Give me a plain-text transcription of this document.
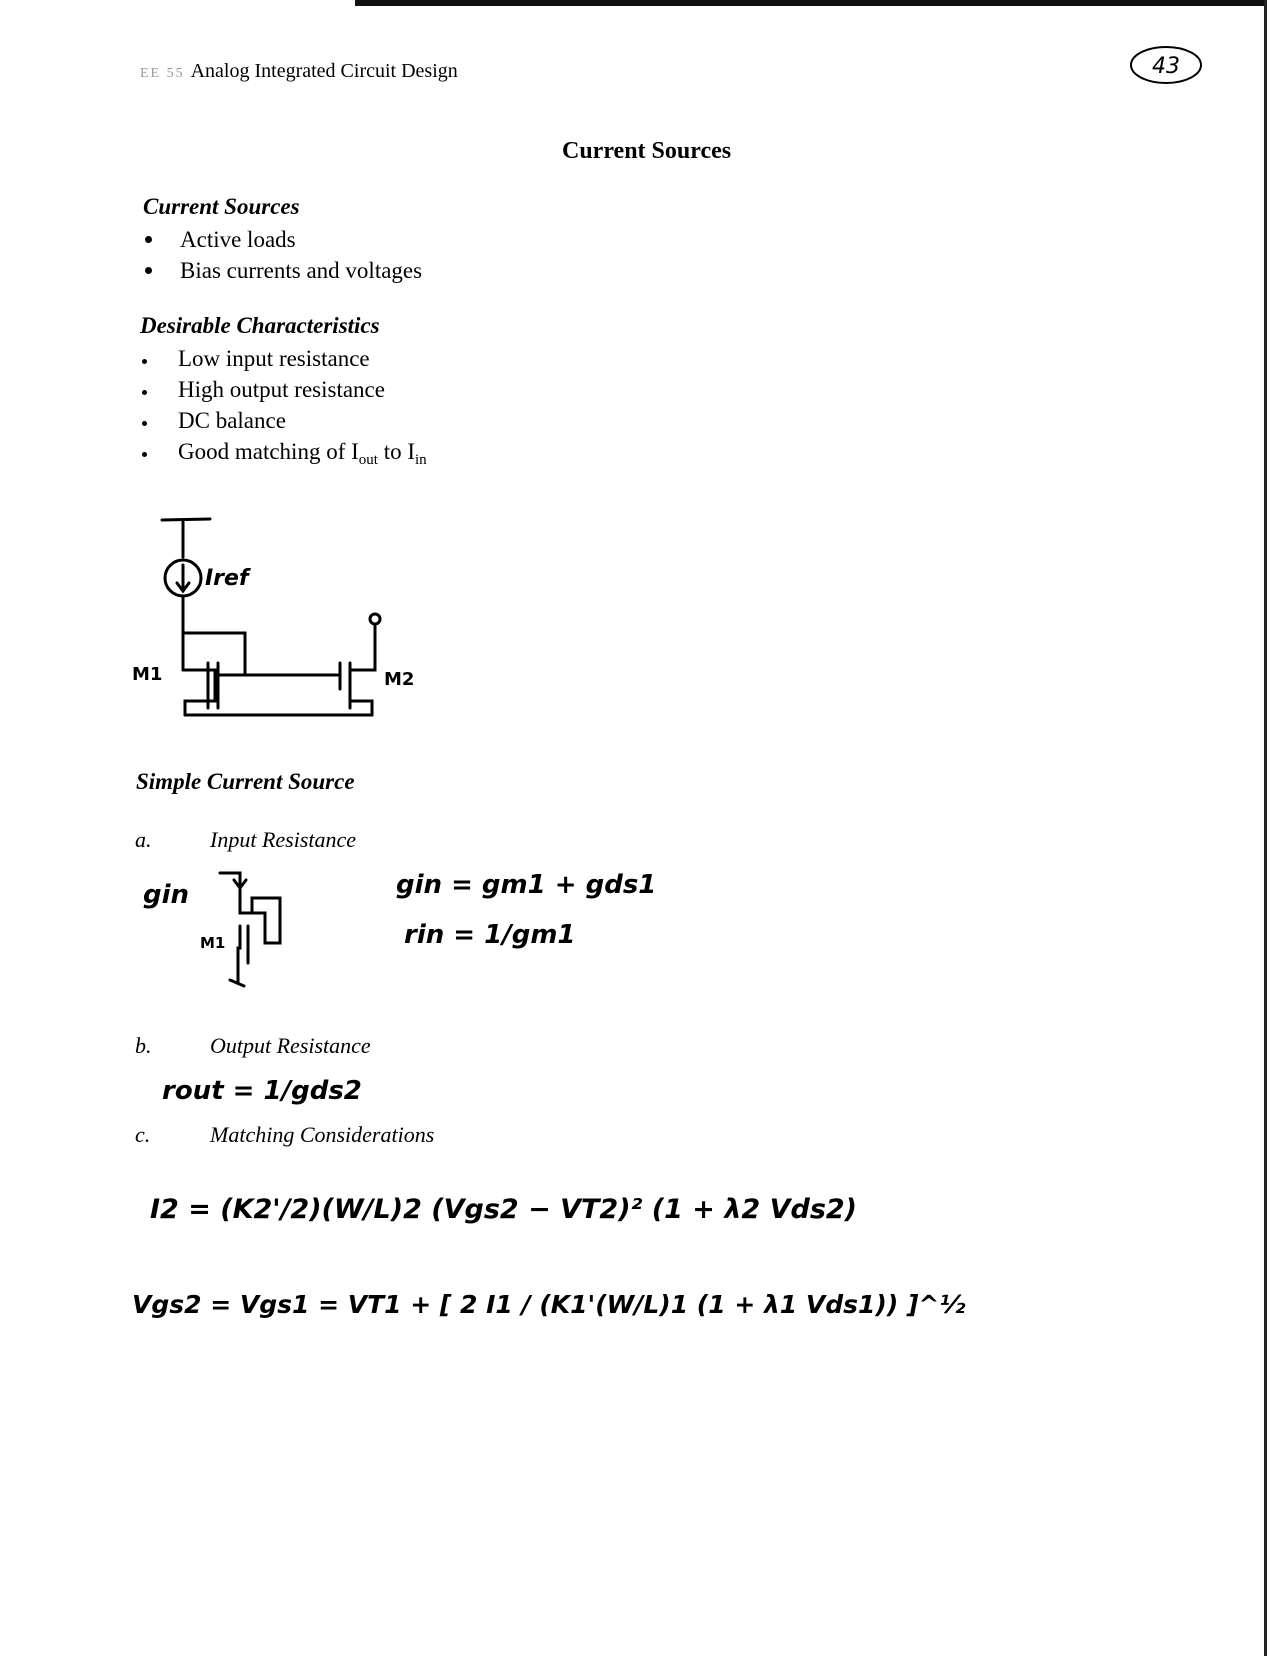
EE 55 Analog Integrated Circuit Design	43
Current Sources
Current Sources
Active loads
Bias currents and voltages
Desirable Characteristics
Low input resistance
High output resistance
DC balance
Good matching of $I_{out}$ to $I_{in}$
Iref
M1	M2
Simple Current Source
a.	Input Resistance
gin
M1
gin = gm1 + gds1
rin = 1/gm1
b.	Output Resistance
rout = 1/gds2
c.	Matching Considerations
I2 = (K2'/2)(W/L)2 (Vgs2 − VT2)² (1 + λ2 Vds2)
Vgs2 = Vgs1 = VT1 + [ 2 I1 / (K1'(W/L)1 (1 + λ1 Vds1)) ]^½
